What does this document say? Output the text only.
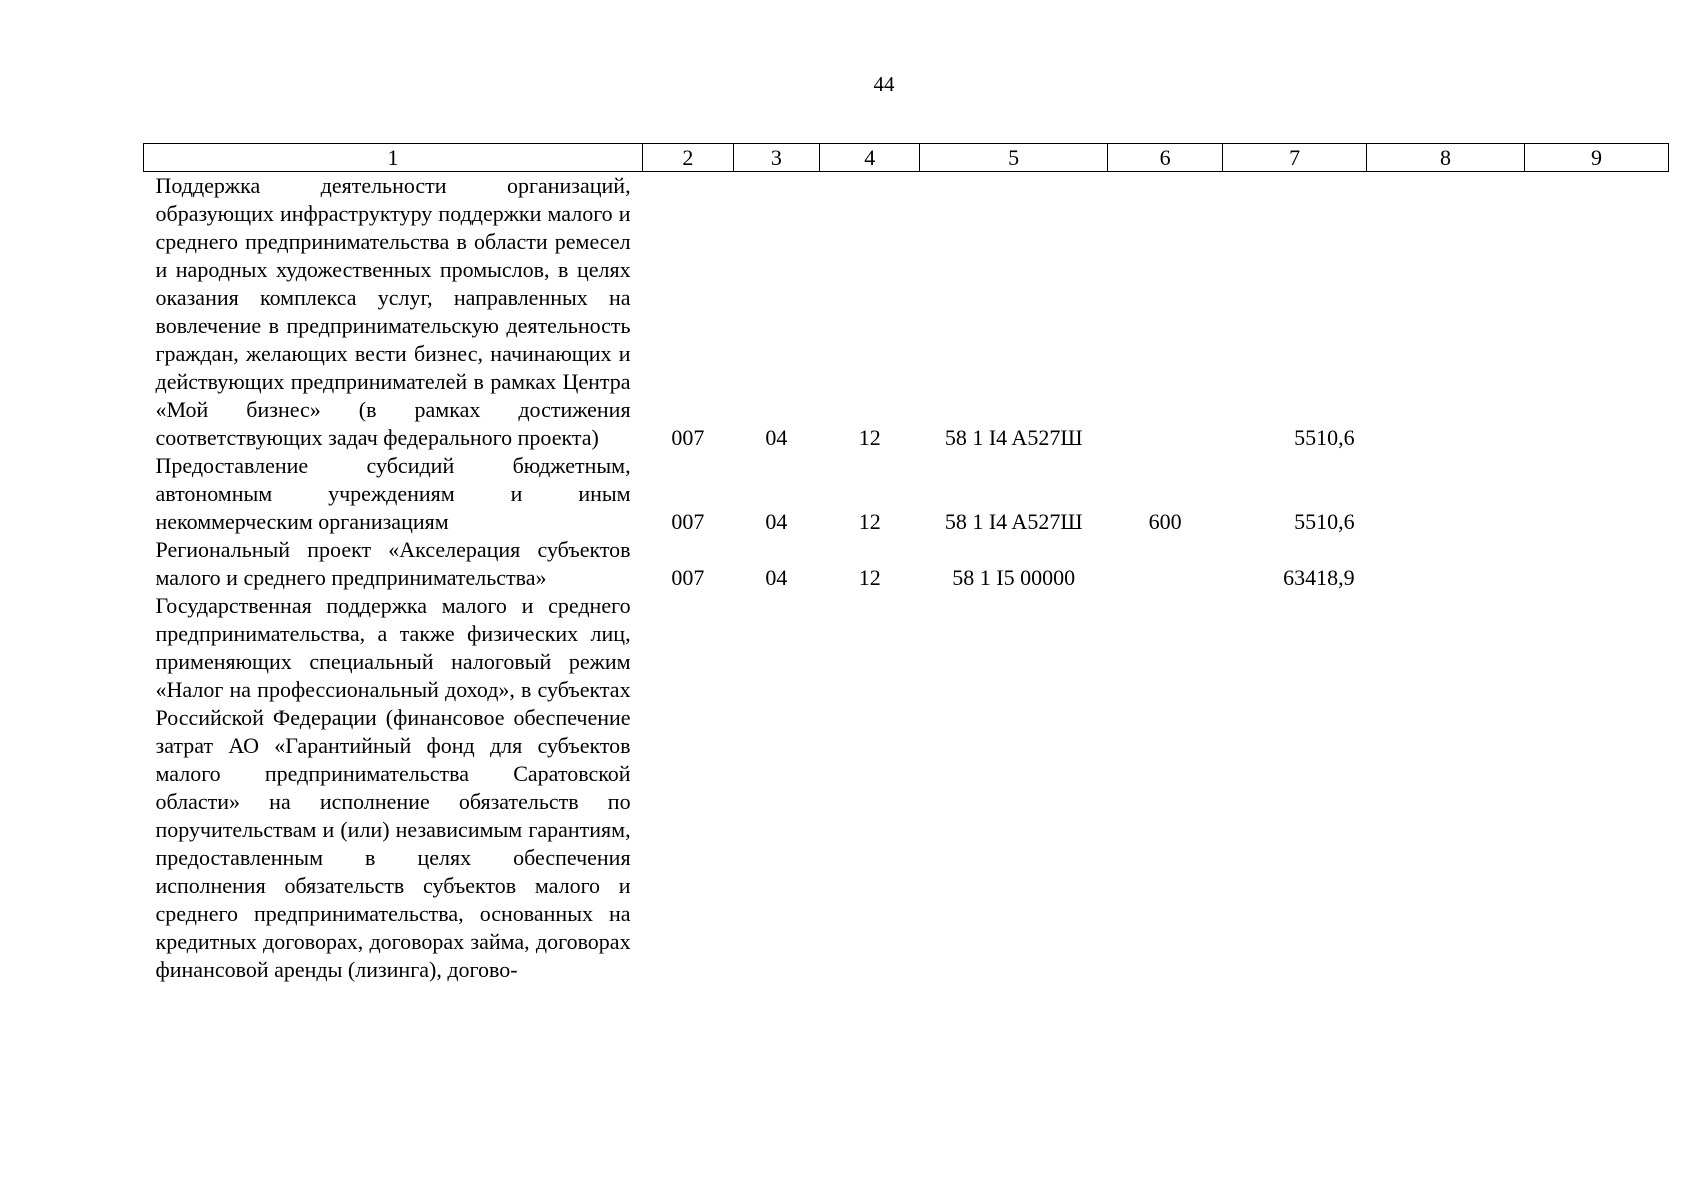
44
1	2	3	4	5	6	7	8	9
Поддержка деятельности организаций, образующих инфраструктуру поддержки малого и среднего предпринимательства в области ремесел и народных художественных промыслов, в целях оказания комплекса услуг, направленных на вовлечение в предпринимательскую деятельность граждан, желающих вести бизнес, начинающих и действующих предпринимателей в рамках Центра «Мой бизнес» (в рамках достижения соответствующих задач федерального проекта)	007	04	12	58 1 I4 A527Ш		5510,6		
Предоставление субсидий бюджетным, автономным учреждениям и иным некоммерческим организациям	007	04	12	58 1 I4 A527Ш	600	5510,6		
Региональный проект «Акселерация субъектов малого и среднего предпринимательства»	007	04	12	58 1 I5 00000		63418,9		
Государственная поддержка малого и среднего предпринимательства, а также физических лиц, применяющих специальный налоговый режим «Налог на профессиональный доход», в субъектах Российской Федерации (финансовое обеспечение затрат АО «Гарантийный фонд для субъектов малого предпринимательства Саратовской области» на исполнение обязательств по поручительствам и (или) независимым гарантиям, предоставленным в целях обеспечения исполнения обязательств субъектов малого и среднего предпринимательства, основанных на кредитных договорах, договорах займа, договорах финансовой аренды (лизинга), догово-								
